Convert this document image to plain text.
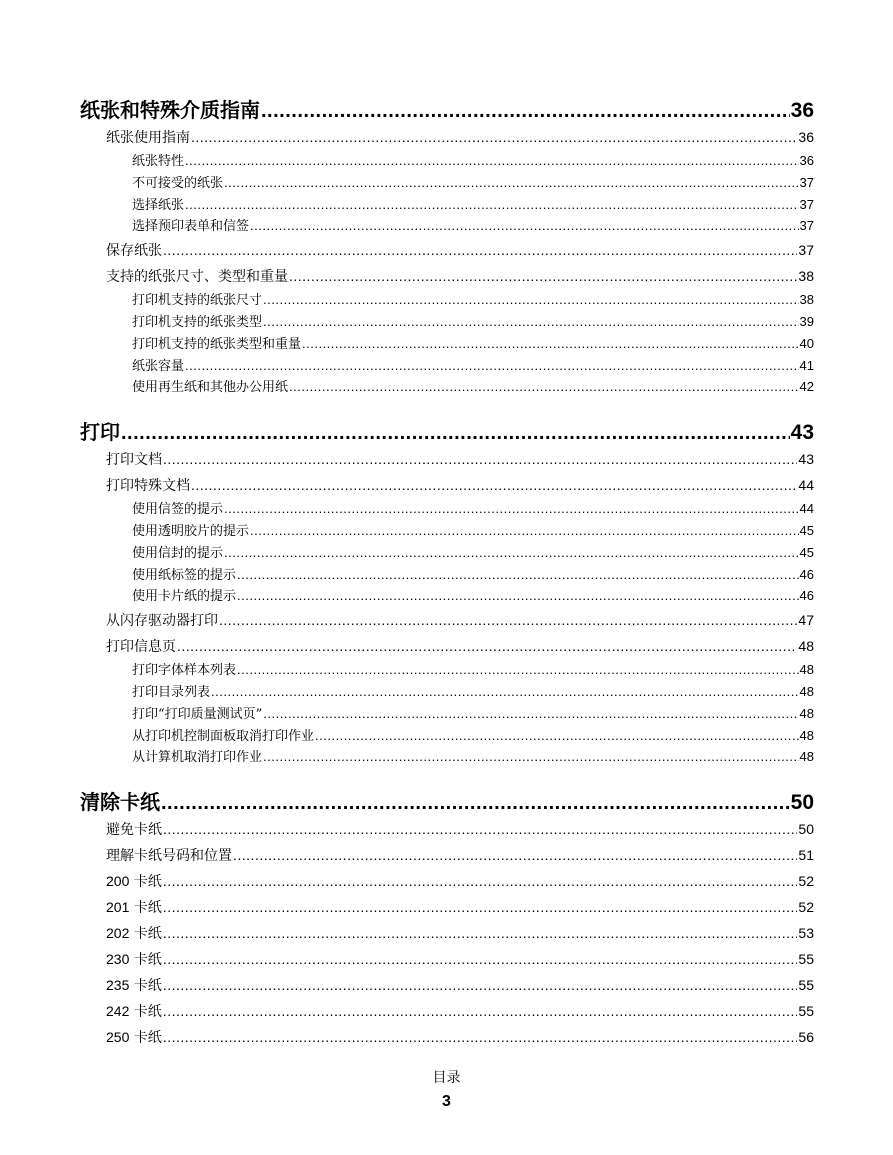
纸张和特殊介质指南 .....	36
纸张使用指南 .....	36
纸张特性 .....	36
不可接受的纸张 .....	37
选择纸张 .....	37
选择预印表单和信签 .....	37
保存纸张 .....	37
支持的纸张尺寸、类型和重量 .....	38
打印机支持的纸张尺寸 .....	38
打印机支持的纸张类型 .....	39
打印机支持的纸张类型和重量 .....	40
纸张容量 .....	41
使用再生纸和其他办公用纸 .....	42
打印 .....	43
打印文档 .....	43
打印特殊文档 .....	44
使用信签的提示 .....	44
使用透明胶片的提示 .....	45
使用信封的提示 .....	45
使用纸标签的提示 .....	46
使用卡片纸的提示 .....	46
从闪存驱动器打印 .....	47
打印信息页 .....	48
打印字体样本列表 .....	48
打印目录列表 .....	48
打印“打印质量测试页” .....	48
从打印机控制面板取消打印作业 .....	48
从计算机取消打印作业 .....	48
清除卡纸 .....	50
避免卡纸 .....	50
理解卡纸号码和位置 .....	51
200 卡纸 .....	52
201 卡纸 .....	52
202 卡纸 .....	53
230 卡纸 .....	55
235 卡纸 .....	55
242 卡纸 .....	55
250 卡纸 .....	56
目录
3
